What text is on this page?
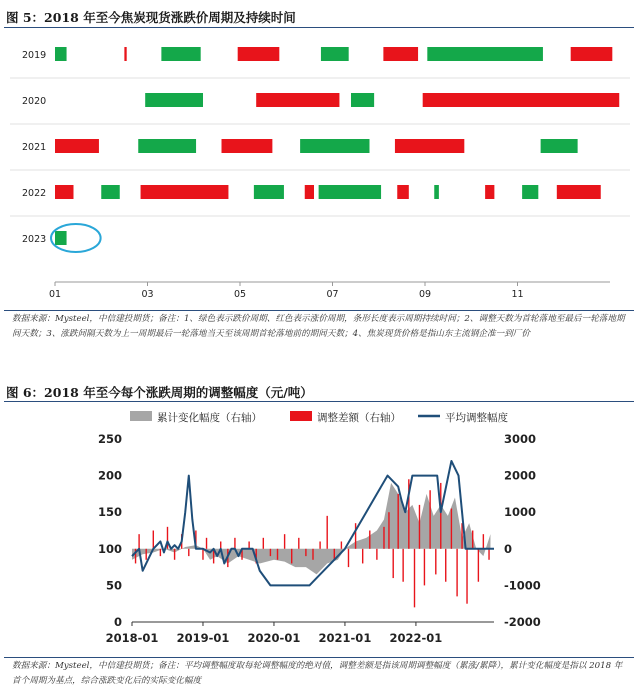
图 5：2018 年至今焦炭现货涨跌价周期及持续时间
2019
2020
2021
2022
2023
01	03	05	07	09	11
数据来源：Mysteel，中信建投期货；备注：1、绿色表示跌价周期、红色表示涨价周期，条形长度表示周期持续时间；2、调整天数为首轮落地至最后一轮落地期间天数；3、涨跌间隔天数为上一周期最后一轮落地当天至该周期首轮落地前的期间天数；4、焦炭现货价格是指山东主流钢企准一到厂价
图 6：2018 年至今每个涨跌周期的调整幅度（元/吨）
累计变化幅度（右轴）	调整差额（右轴）	平均调整幅度
0
50
100
150
200
250
-2000
-1000
0
1000
2000
3000
2018-01 2019-01 2020-01 2021-01 2022-01
数据来源：Mysteel，中信建投期货；备注：平均调整幅度取每轮调整幅度的绝对值，调整差额是指该周期调整幅度（累涨/累降），累计变化幅度是指以 2018 年首个周期为基点，综合涨跌变化后的实际变化幅度
